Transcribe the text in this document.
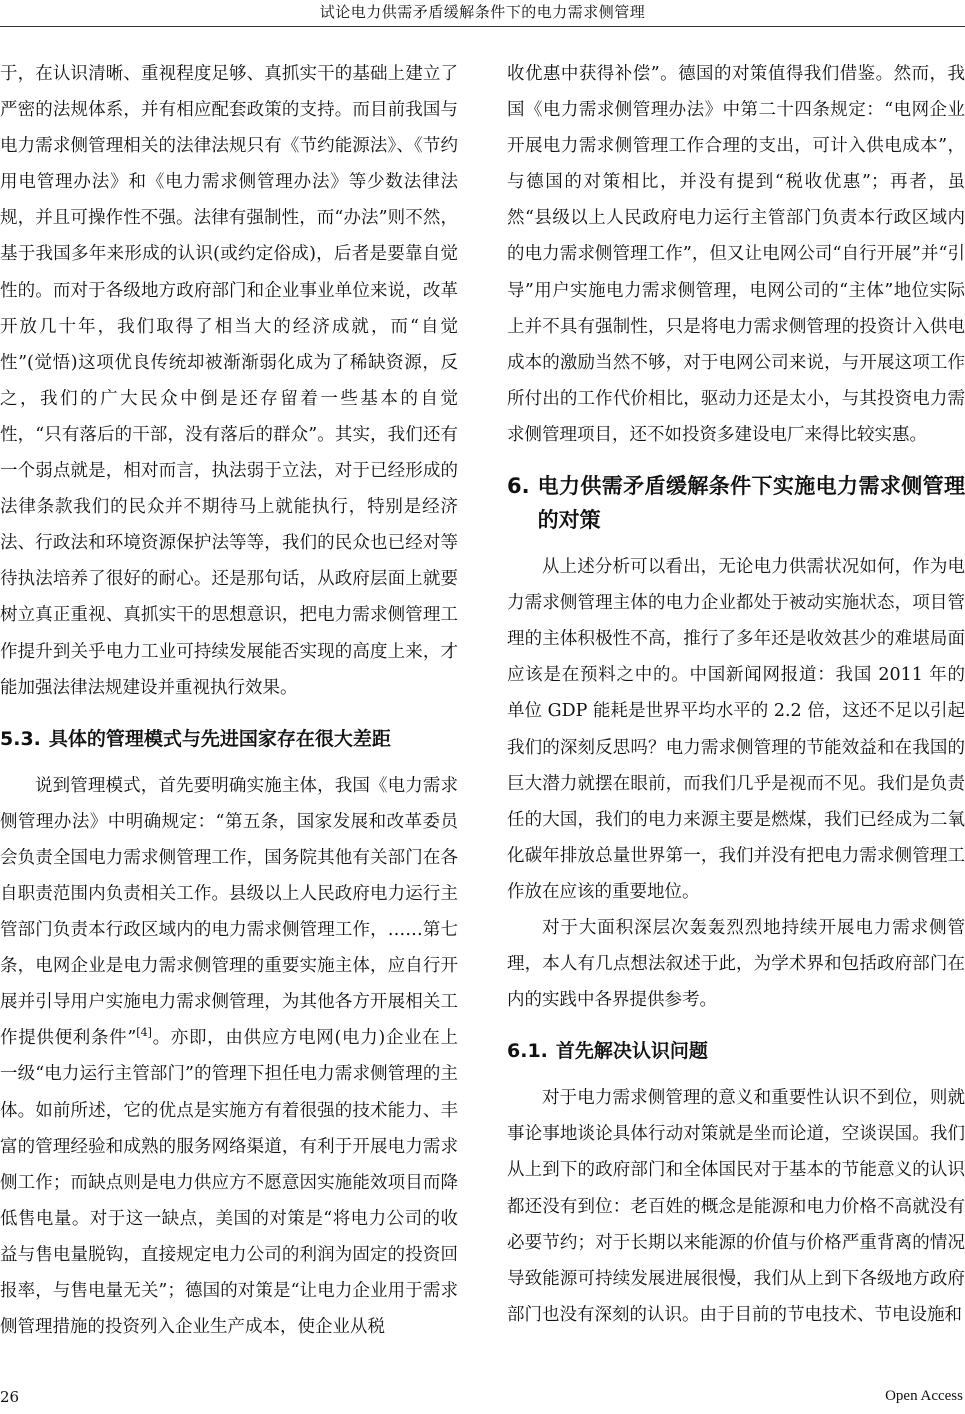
试论电力供需矛盾缓解条件下的电力需求侧管理

于，在认识清晰、重视程度足够、真抓实干的基础上建立了严密的法规体系，并有相应配套政策的支持。而目前我国与电力需求侧管理相关的法律法规只有《节约能源法》、《节约用电管理办法》和《电力需求侧管理办法》等少数法律法规，并且可操作性不强。法律有强制性，而“办法”则不然，基于我国多年来形成的认识(或约定俗成)，后者是要靠自觉性的。而对于各级地方政府部门和企业事业单位来说，改革开放几十年，我们取得了相当大的经济成就，而“自觉性”(觉悟)这项优良传统却被渐渐弱化成为了稀缺资源，反之，我们的广大民众中倒是还存留着一些基本的自觉性，“只有落后的干部，没有落后的群众”。其实，我们还有一个弱点就是，相对而言，执法弱于立法，对于已经形成的法律条款我们的民众并不期待马上就能执行，特别是经济法、行政法和环境资源保护法等等，我们的民众也已经对等待执法培养了很好的耐心。还是那句话，从政府层面上就要树立真正重视、真抓实干的思想意识，把电力需求侧管理工作提升到关乎电力工业可持续发展能否实现的高度上来，才能加强法律法规建设并重视执行效果。

5.3. 具体的管理模式与先进国家存在很大差距

说到管理模式，首先要明确实施主体，我国《电力需求侧管理办法》中明确规定：“第五条，国家发展和改革委员会负责全国电力需求侧管理工作，国务院其他有关部门在各自职责范围内负责相关工作。县级以上人民政府电力运行主管部门负责本行政区域内的电力需求侧管理工作，……第七条，电网企业是电力需求侧管理的重要实施主体，应自行开展并引导用户实施电力需求侧管理，为其他各方开展相关工作提供便利条件”[4]。亦即，由供应方电网(电力)企业在上一级“电力运行主管部门”的管理下担任电力需求侧管理的主体。如前所述，它的优点是实施方有着很强的技术能力、丰富的管理经验和成熟的服务网络渠道，有利于开展电力需求侧工作；而缺点则是电力供应方不愿意因实施能效项目而降低售电量。对于这一缺点，美国的对策是“将电力公司的收益与售电量脱钩，直接规定电力公司的利润为固定的投资回报率，与售电量无关”；德国的对策是“让电力企业用于需求侧管理措施的投资列入企业生产成本，使企业从税

收优惠中获得补偿”。德国的对策值得我们借鉴。然而，我国《电力需求侧管理办法》中第二十四条规定：“电网企业开展电力需求侧管理工作合理的支出，可计入供电成本”，与德国的对策相比，并没有提到“税收优惠”；再者，虽然“县级以上人民政府电力运行主管部门负责本行政区域内的电力需求侧管理工作”，但又让电网公司“自行开展”并“引导”用户实施电力需求侧管理，电网公司的“主体”地位实际上并不具有强制性，只是将电力需求侧管理的投资计入供电成本的激励当然不够，对于电网公司来说，与开展这项工作所付出的工作代价相比，驱动力还是太小，与其投资电力需求侧管理项目，还不如投资多建设电厂来得比较实惠。

6. 电力供需矛盾缓解条件下实施电力需求侧管理的对策

从上述分析可以看出，无论电力供需状况如何，作为电力需求侧管理主体的电力企业都处于被动实施状态，项目管理的主体积极性不高，推行了多年还是收效甚少的难堪局面应该是在预料之中的。中国新闻网报道：我国 2011 年的单位 GDP 能耗是世界平均水平的 2.2 倍，这还不足以引起我们的深刻反思吗？电力需求侧管理的节能效益和在我国的巨大潜力就摆在眼前，而我们几乎是视而不见。我们是负责任的大国，我们的电力来源主要是燃煤，我们已经成为二氧化碳年排放总量世界第一，我们并没有把电力需求侧管理工作放在应该的重要地位。

对于大面积深层次轰轰烈烈地持续开展电力需求侧管理，本人有几点想法叙述于此，为学术界和包括政府部门在内的实践中各界提供参考。

6.1. 首先解决认识问题

对于电力需求侧管理的意义和重要性认识不到位，则就事论事地谈论具体行动对策就是坐而论道，空谈误国。我们从上到下的政府部门和全体国民对于基本的节能意义的认识都还没有到位：老百姓的概念是能源和电力价格不高就没有必要节约；对于长期以来能源的价值与价格严重背离的情况导致能源可持续发展进展很慢，我们从上到下各级地方政府部门也没有深刻的认识。由于目前的节电技术、节电设施和

26	Open Access
